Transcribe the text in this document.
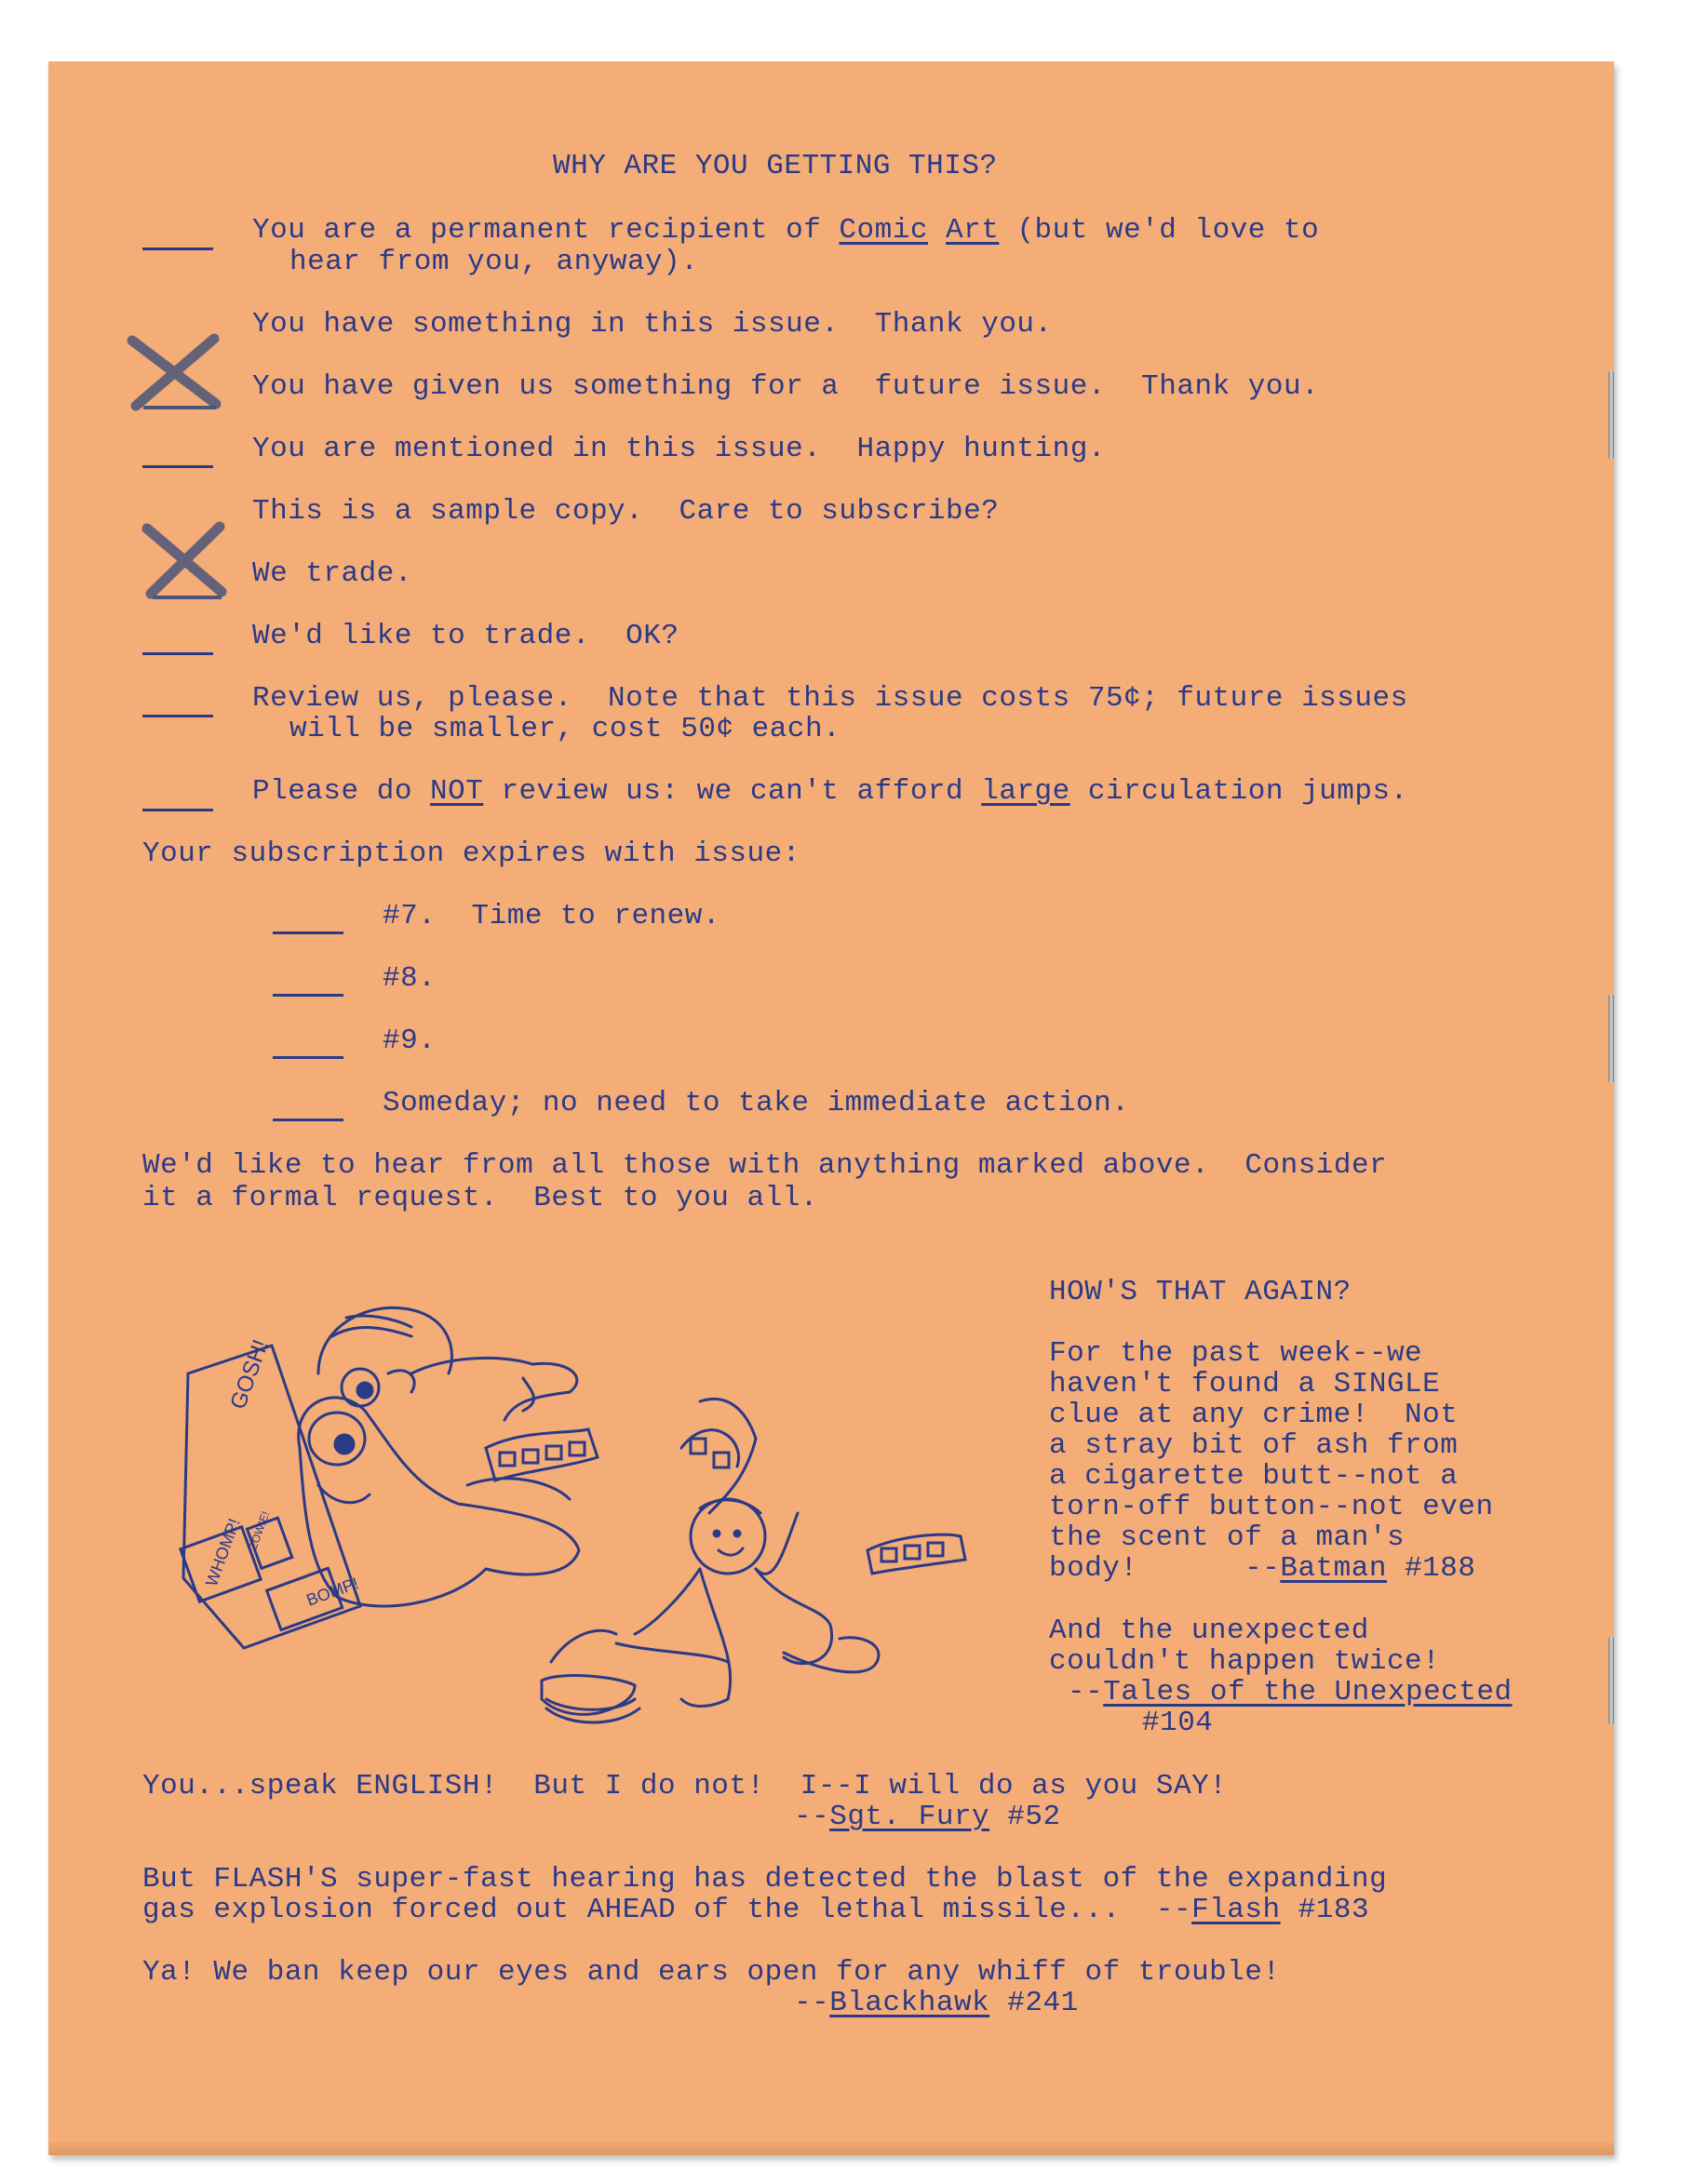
WHY ARE YOU GETTING THIS?
You are a permanent recipient of Comic Art (but we'd love to
hear from you, anyway).
You have something in this issue.  Thank you.
You have given us something for a  future issue.  Thank you.
You are mentioned in this issue.  Happy hunting.
This is a sample copy.  Care to subscribe?
We trade.
We'd like to trade.  OK?
Review us, please.  Note that this issue costs 75¢; future issues
will be smaller, cost 50¢ each.
Please do NOT review us: we can't afford large circulation jumps.
Your subscription expires with issue:
#7.  Time to renew.
#8.
#9.
Someday; no need to take immediate action.
We'd like to hear from all those with anything marked above.  Consider
it a formal request.  Best to you all.
GOSH!
WHOMP!
BOMP!
ZOWIE!
HOW'S THAT AGAIN?
For the past week--we
haven't found a SINGLE
clue at any crime!  Not
a stray bit of ash from
a cigarette butt--not a
torn-off button--not even
the scent of a man's
body!      --Batman #188
And the unexpected
couldn't happen twice!
--Tales of the Unexpected
#104
You...speak ENGLISH!  But I do not!  I--I will do as you SAY!
--Sgt. Fury #52
But FLASH'S super-fast hearing has detected the blast of the expanding
gas explosion forced out AHEAD of the lethal missile...  --Flash #183
Ya! We ban keep our eyes and ears open for any whiff of trouble!
--Blackhawk #241
